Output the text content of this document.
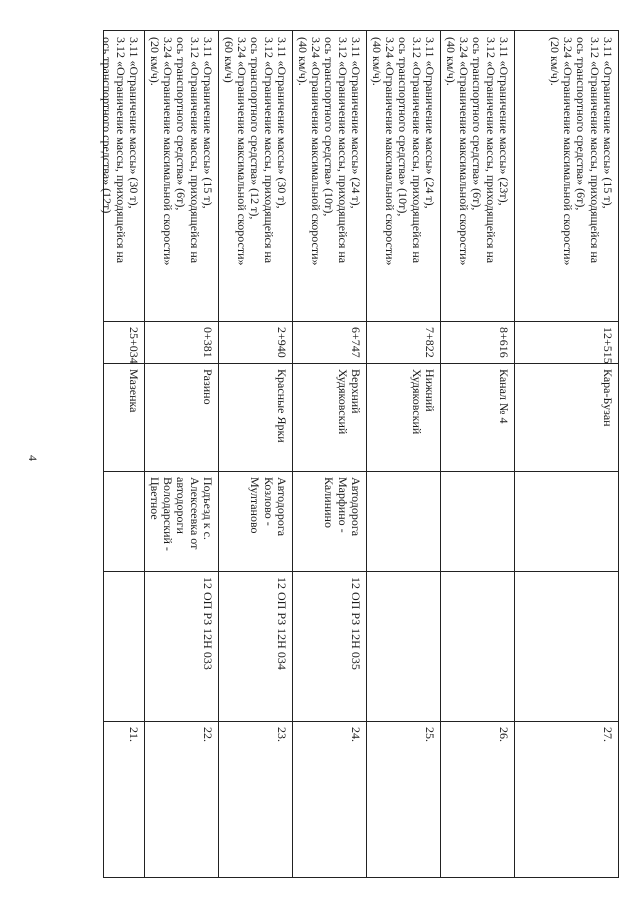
4
3.11 «Ограничение массы» (30 т),
3.12 «Ограничение массы, приходящейся на
ось транспортного средства» (12т)
25+034
Мазенка
21.
3.11 «Ограничение массы» (15 т),
3.12 «Ограничение массы, приходящейся на
ось транспортного средства» (6т),
3.24 «Ограничение максимальной скорости»
(20 км/ч).
0+381
Разино
Подъезд к с. Алексеевка от автодороги Володарский - Цветное
12 ОП РЗ 12Н 033
22.
3.11 «Ограничение массы» (30 т),
3.12 «Ограничение массы, приходящейся на
ось транспортного средства» (12 т),
3.24 «Ограничение максимальной скорости»
(60 км/ч)
2+940
Красные Ярки
Автодорога Козлово - Мултаново
12 ОП РЗ 12Н 034
23.
3.11 «Ограничение массы» (24 т),
3.12 «Ограничение массы, приходящейся на
ось транспортного средства» (10т),
3.24 «Ограничение максимальной скорости»
(40 км/ч).
6+747
Верхний Худяковский
Автодорога Марфино - Калинино
12 ОП РЗ 12Н 035
24.
3.11 «Ограничение массы» (24 т),
3.12 «Ограничение массы, приходящейся на
ось транспортного средства» (10т),
3.24 «Ограничение максимальной скорости»
(40 км/ч).
7+822
Нижний Худяковский
25.
3.11 «Ограничение массы» (23т),
3.12 «Ограничение массы, приходящейся на
ось транспортного средства» (6т),
3.24 «Ограничение максимальной скорости»
(40 км/ч).
8+616
Канал № 4
26.
3.11 «Ограничение массы» (15 т),
3.12 «Ограничение массы, приходящейся на
ось транспортного средства» (6т),
3.24 «Ограничение максимальной скорости»
(20 км/ч).
12+515
Кара-Бузан
27.
